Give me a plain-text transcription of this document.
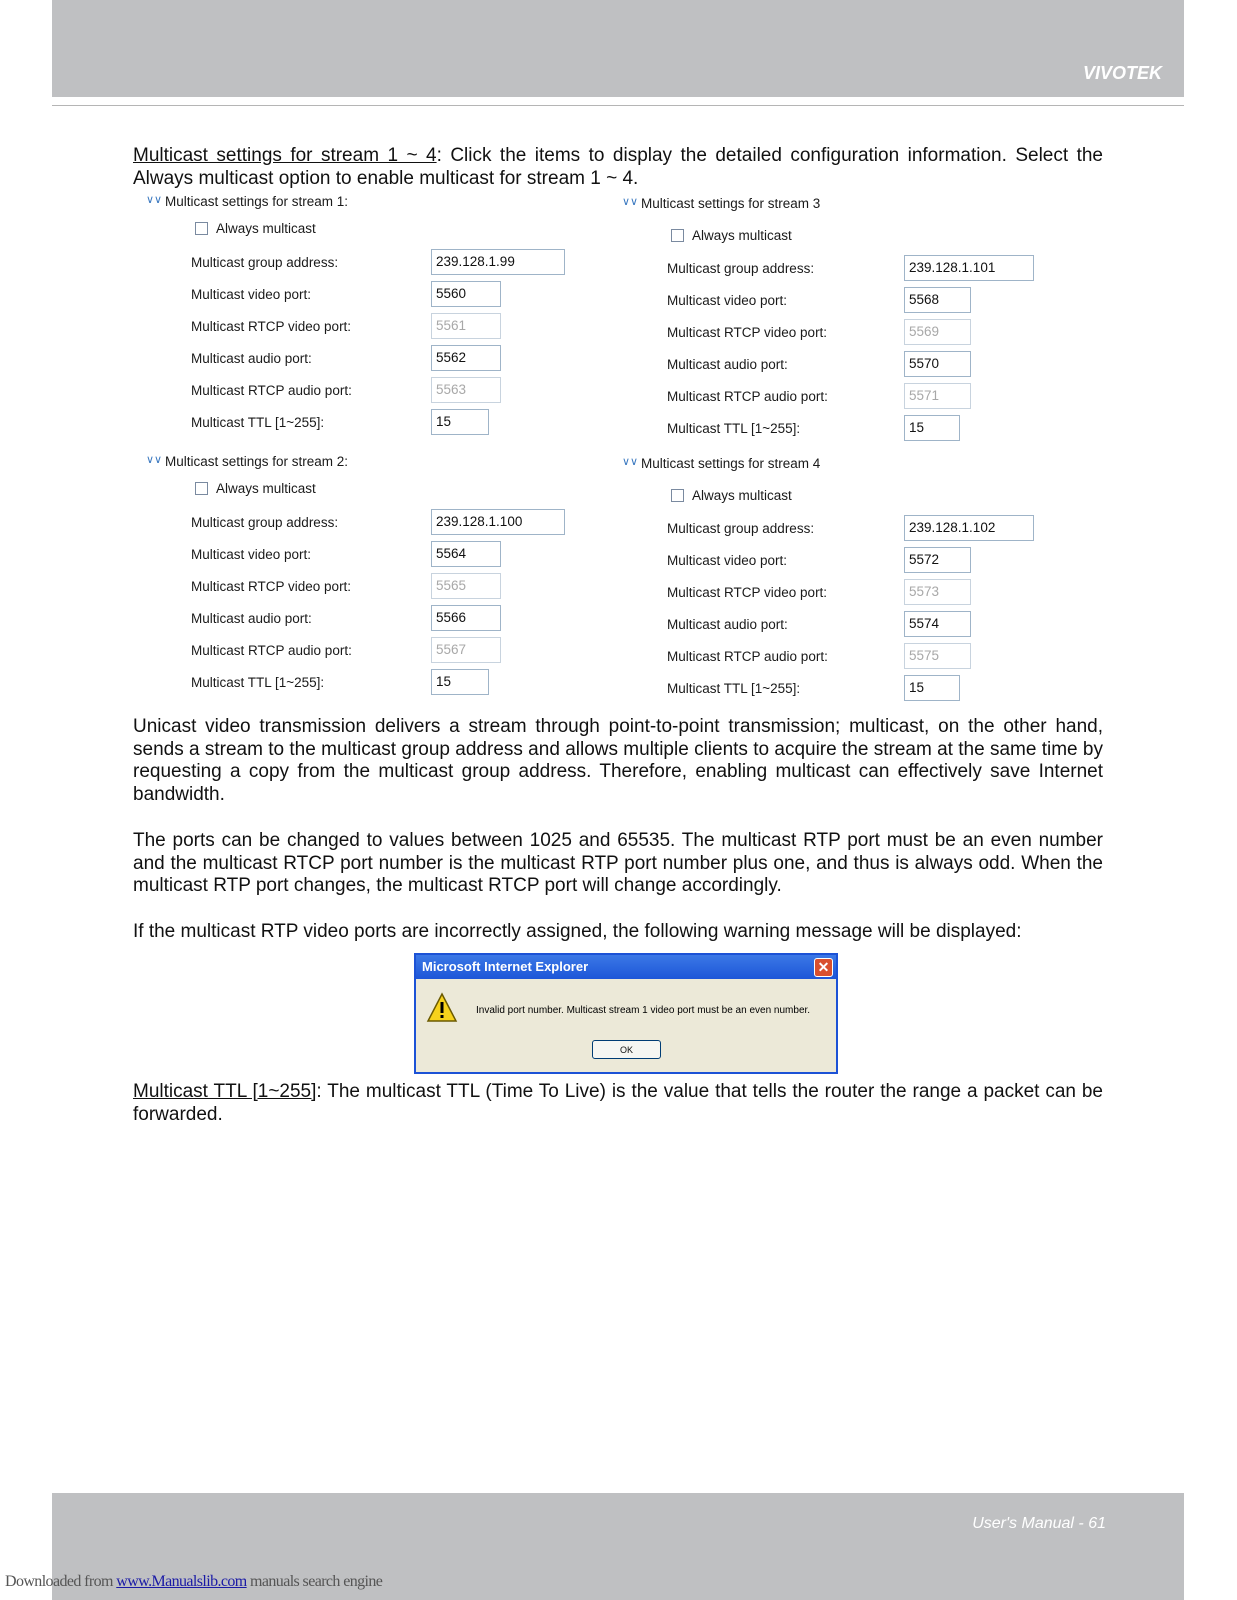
VIVOTEK

Multicast settings for stream 1 ~ 4: Click the items to display the detailed configuration information. Select the Always multicast option to enable multicast for stream 1 ~ 4.

∨∨ Multicast settings for stream 1:
Always multicast
Multicast group address:	239.128.1.99
Multicast video port:	5560
Multicast RTCP video port:	5561
Multicast audio port:	5562
Multicast RTCP audio port:	5563
Multicast TTL [1~255]:	15
∨∨ Multicast settings for stream 2:
Always multicast
Multicast group address:	239.128.1.100
Multicast video port:	5564
Multicast RTCP video port:	5565
Multicast audio port:	5566
Multicast RTCP audio port:	5567
Multicast TTL [1~255]:	15
∨∨ Multicast settings for stream 3
Always multicast
Multicast group address:	239.128.1.101
Multicast video port:	5568
Multicast RTCP video port:	5569
Multicast audio port:	5570
Multicast RTCP audio port:	5571
Multicast TTL [1~255]:	15
∨∨ Multicast settings for stream 4
Always multicast
Multicast group address:	239.128.1.102
Multicast video port:	5572
Multicast RTCP video port:	5573
Multicast audio port:	5574
Multicast RTCP audio port:	5575
Multicast TTL [1~255]:	15

Unicast video transmission delivers a stream through point-to-point transmission; multicast, on the other hand, sends a stream to the multicast group address and allows multiple clients to acquire the stream at the same time by requesting a copy from the multicast group address. Therefore, enabling multicast can effectively save Internet bandwidth.

The ports can be changed to values between 1025 and 65535. The multicast RTP port must be an even number and the multicast RTCP port number is the multicast RTP port number plus one, and thus is always odd. When the multicast RTP port changes, the multicast RTCP port will change accordingly.

If the multicast RTP video ports are incorrectly assigned, the following warning message will be displayed:

Microsoft Internet Explorer	✕
Invalid port number. Multicast stream 1 video port must be an even number.
OK

Multicast TTL [1~255]: The multicast TTL (Time To Live) is the value that tells the router the range a packet can be forwarded.

User's Manual - 61
Downloaded from www.Manualslib.com manuals search engine
